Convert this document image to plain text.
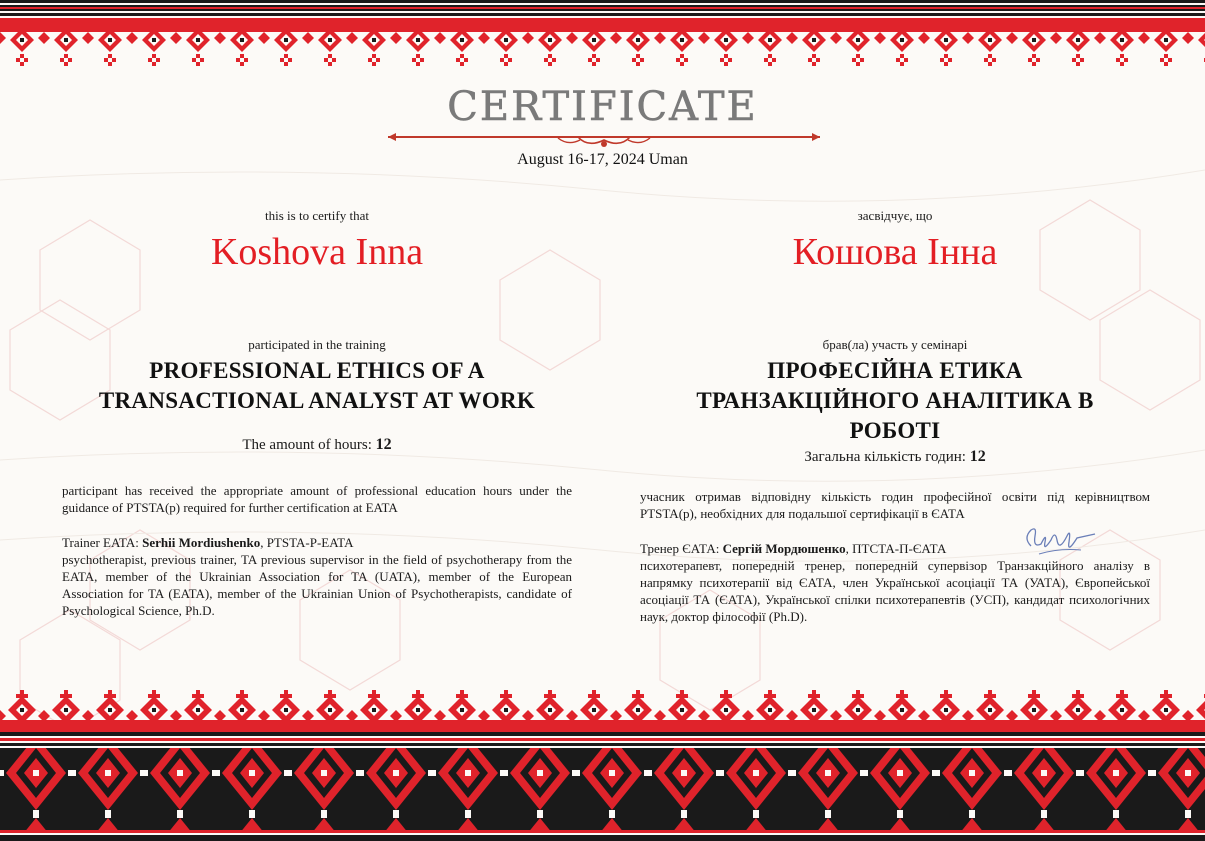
CERTIFICATE
August 16-17, 2024 Uman
this is to certify that
Koshova Inna
participated in the training
PROFESSIONAL ETHICS OF A
TRANSACTIONAL ANALYST AT WORK
The amount of hours: 12
participant has received the appropriate amount of professional education hours under the guidance of PTSTA(p) required for further certification at EATA
Trainer EATA: Serhii Mordiushenko, PTSTA-P-EATA
psychotherapist, previous trainer, TA previous supervisor in the field of psychotherapy from the EATA, member of the Ukrainian Association for TA (UATA), member of the European Association for TA (EATA), member of the Ukrainian Union of Psychotherapists, candidate of Psychological Science, Ph.D.
засвідчує, що
Кошова Інна
брав(ла) участь у семінарі
ПРОФЕСІЙНА ЕТИКА
ТРАНЗАКЦІЙНОГО АНАЛІТИКА В
РОБОТІ
Загальна кількість годин: 12
учасник отримав відповідну кількість годин професійної освіти під керівництвом PTSTA(p), необхідних для подальшої сертифікації в ЄАТА
Тренер ЄАТА: Сергій Мордюшенко, ПТСТА-П-ЄАТА
психотерапевт, попередній тренер, попередній супервізор Транзакційного аналізу в напрямку психотерапії від ЄАТА, член Української асоціації ТА (УАТА), Європейської асоціації ТА (ЄАТА), Української спілки психотерапевтів (УСП), кандидат психологічних наук, доктор філософії (Ph.D).
